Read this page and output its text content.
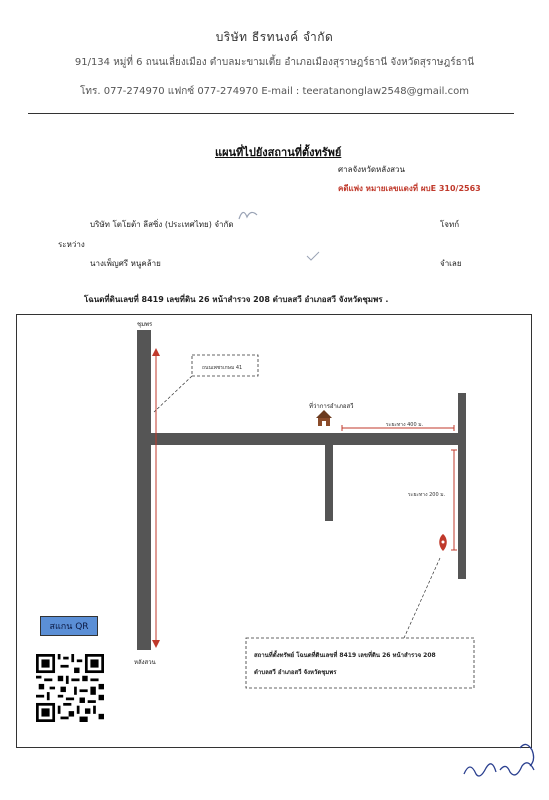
บริษัท ธีรทนงค์ จำกัด
91/134 หมู่ที่ 6 ถนนเลี่ยงเมือง ตำบลมะขามเตี้ย อำเภอเมืองสุราษฎร์ธานี จังหวัดสุราษฎร์ธานี
โทร. 077-274970 แฟกซ์ 077-274970 E-mail : teeratanonglaw2548@gmail.com
แผนที่ไปยังสถานที่ตั้งทรัพย์
ศาลจังหวัดหลังสวน
คดีแพ่ง หมายเลขแดงที่ ผบE 310/2563
บริษัท โตโยต้า ลีสซิ่ง (ประเทศไทย) จำกัด	โจทก์
ระหว่าง
นางเพ็ญศรี หนูคล้าย	จำเลย
โฉนดที่ดินเลขที่ 8419 เลขที่ดิน 26 หน้าสำรวจ 208 ตำบลสวี อำเภอสวี จังหวัดชุมพร .
ระยะทาง 400 ม.
ระยะทาง 200 ม.
ชุมพร
หลังสวน
ถนนเพชรเกษม 41
ที่ว่าการอำเภอสวี
สถานที่ตั้งทรัพย์ โฉนดที่ดินเลขที่ 8419 เลขที่ดิน 26 หน้าสำรวจ 208
ตำบลสวี อำเภอสวี จังหวัดชุมพร
สแกน QR
